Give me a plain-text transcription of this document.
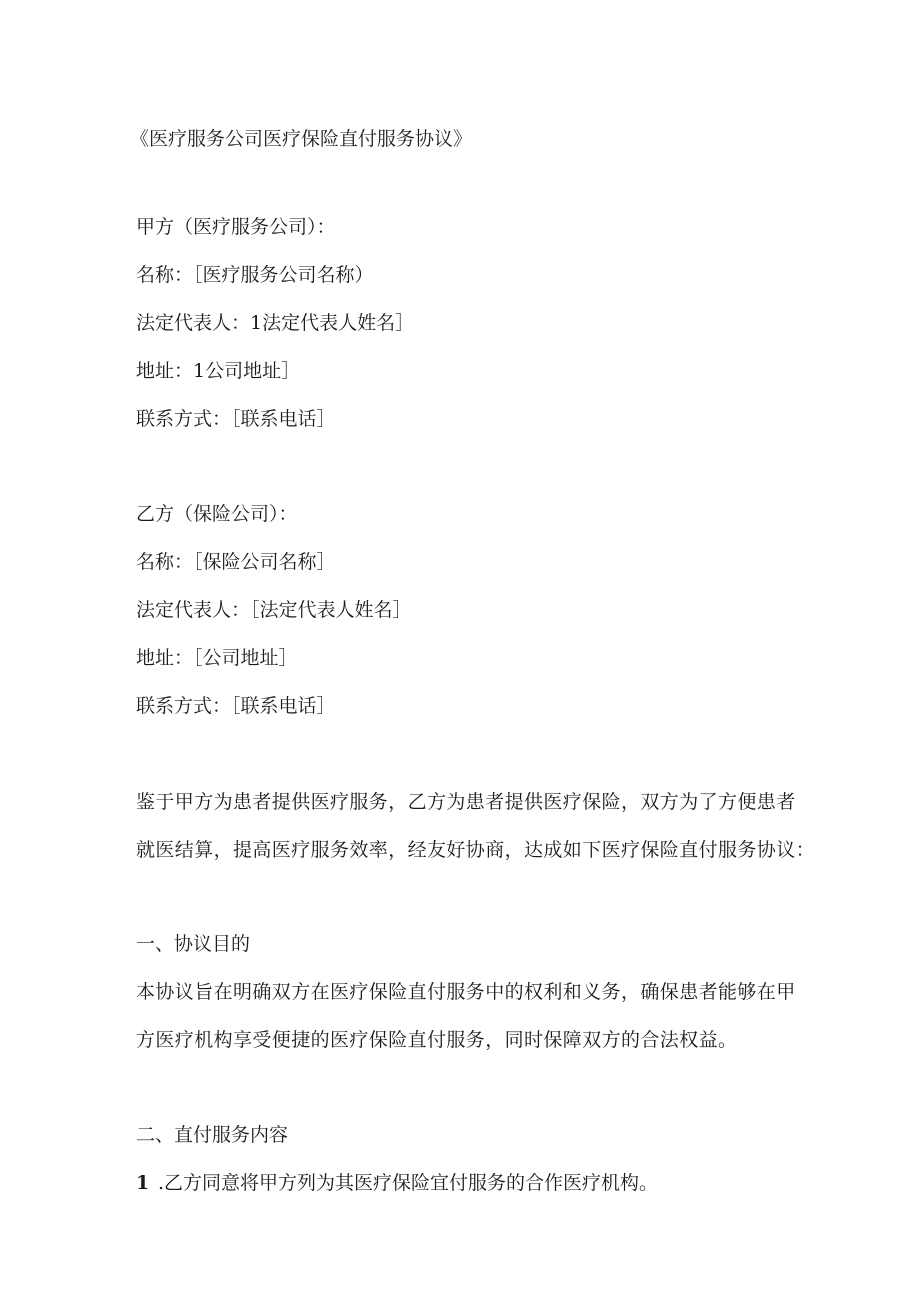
《医疗服务公司医疗保险直付服务协议》
甲方（医疗服务公司）：
名称：［医疗服务公司名称）
法定代表人：1法定代表人姓名］
地址：1公司地址］
联系方式：［联系电话］
乙方（保险公司）：
名称：［保险公司名称］
法定代表人：［法定代表人姓名］
地址：［公司地址］
联系方式：［联系电话］
鉴于甲方为患者提供医疗服务，乙方为患者提供医疗保险，双方为了方便患者
就医结算，提高医疗服务效率，经友好协商，达成如下医疗保险直付服务协议：
一、协议目的
本协议旨在明确双方在医疗保险直付服务中的权利和义务，确保患者能够在甲
方医疗机构享受便捷的医疗保险直付服务，同时保障双方的合法权益。
二、直付服务内容
1 .乙方同意将甲方列为其医疗保险宜付服务的合作医疗机构。
